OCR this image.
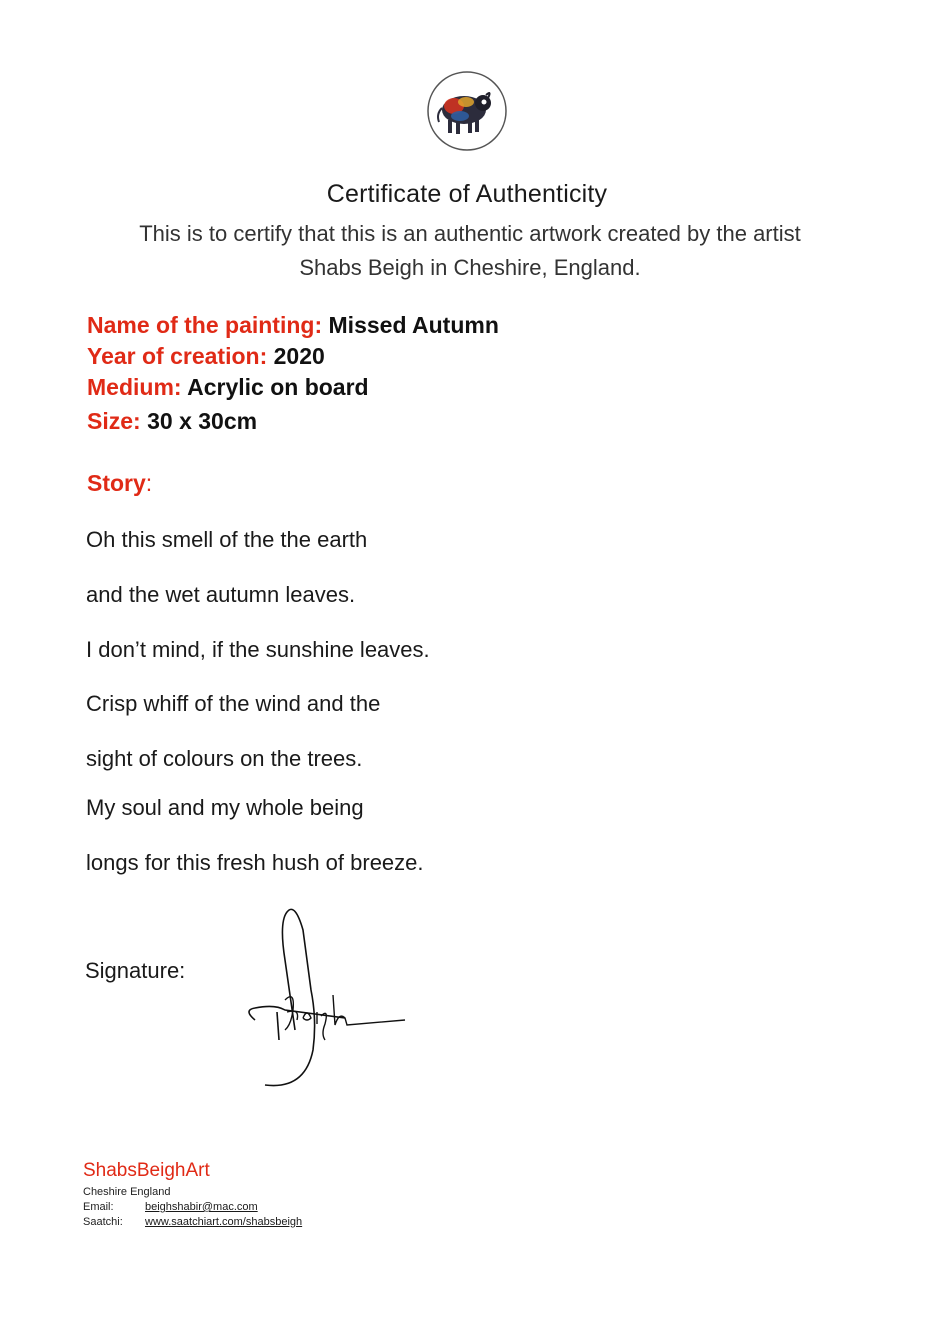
Certificate of Authenticity
This is to certify that this is an authentic artwork created by the artist
Shabs Beigh in Cheshire, England.
Name of the painting: Missed Autumn
Year of creation: 2020
Medium: Acrylic on board
Size: 30 x 30cm
Story:
Oh this smell of the the earth
and the wet autumn leaves.
I don’t mind, if the sunshine leaves.
Crisp whiff of the wind and the
sight of colours on the trees.
My soul and my whole being
longs for this fresh hush of breeze.
Signature:
ShabsBeighArt
Cheshire England
Email:	beighshabir@mac.com
Saatchi: www.saatchiart.com/shabsbeigh
